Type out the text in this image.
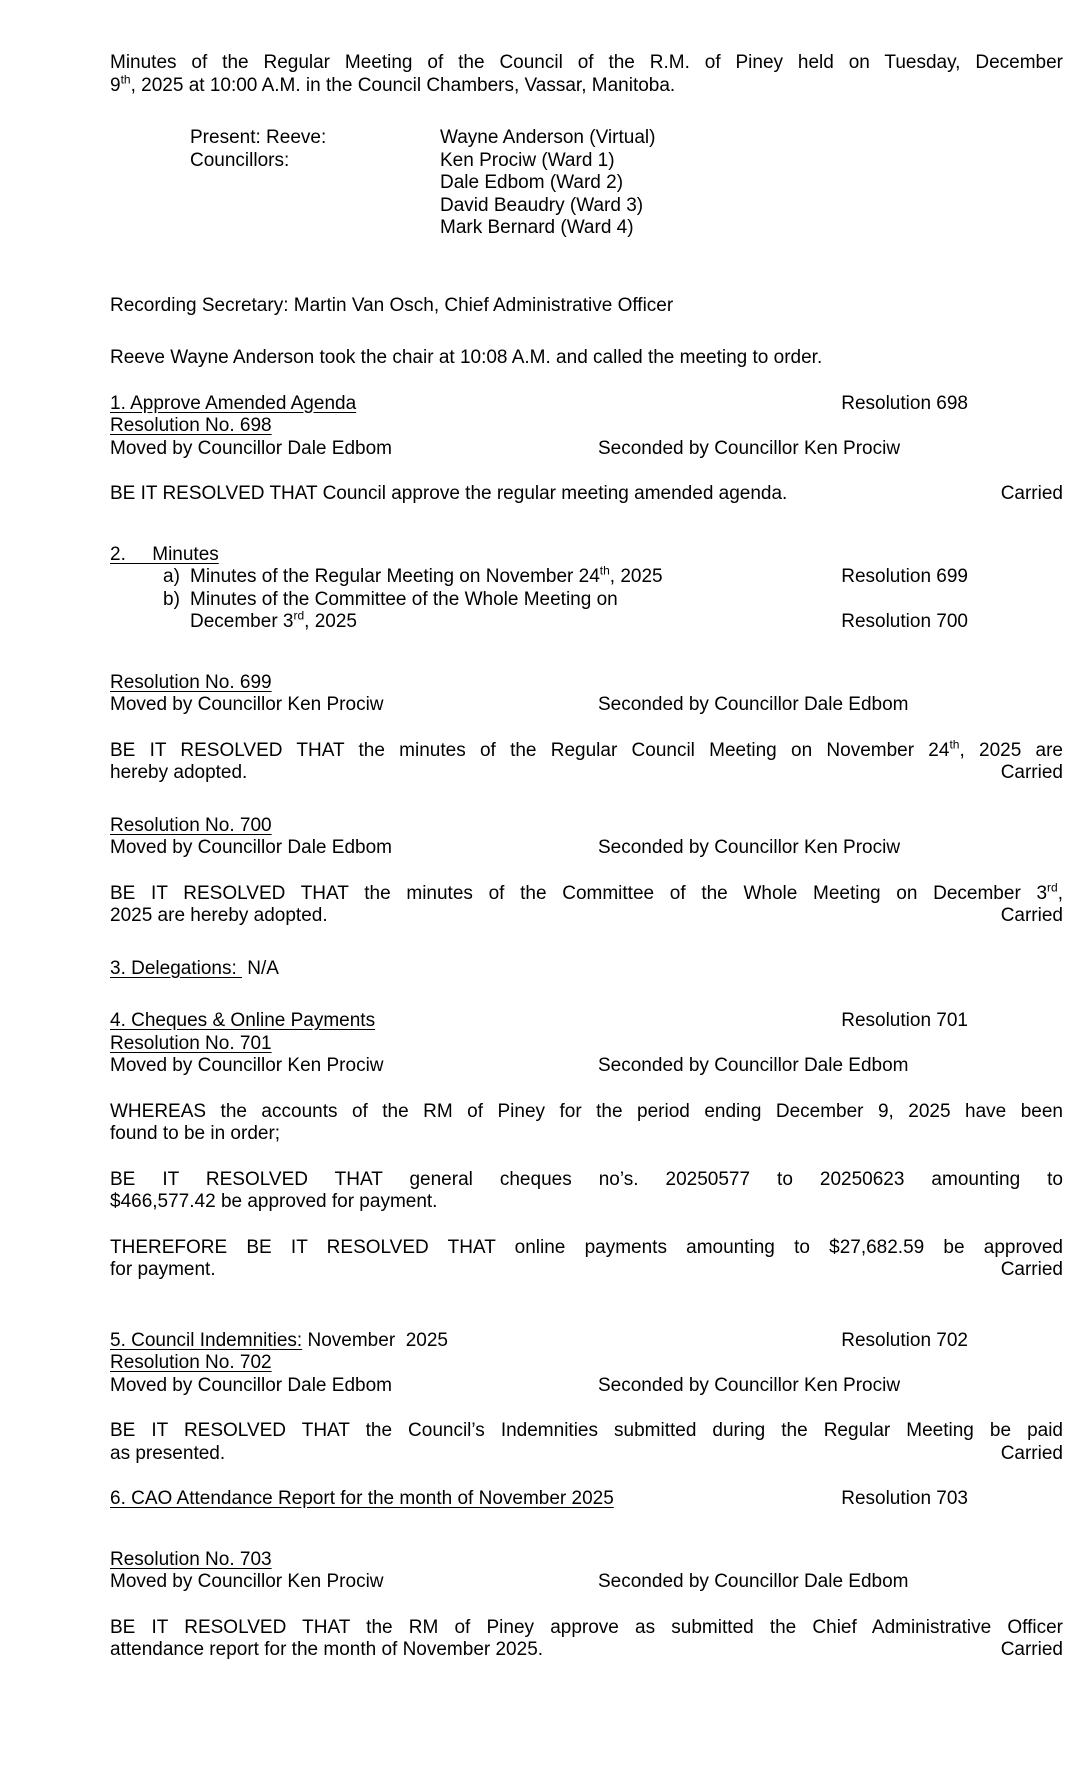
Minutes of the Regular Meeting of the Council of the R.M. of Piney held on Tuesday, December
9th, 2025 at 10:00 A.M. in the Council Chambers, Vassar, Manitoba.
Present: Reeve:	Wayne Anderson (Virtual)
Councillors:	Ken Prociw (Ward 1)
Dale Edbom (Ward 2)
David Beaudry (Ward 3)
Mark Bernard (Ward 4)
Recording Secretary: Martin Van Osch, Chief Administrative Officer
Reeve Wayne Anderson took the chair at 10:08 A.M. and called the meeting to order.
1. Approve Amended Agenda	Resolution 698
Resolution No. 698
Moved by Councillor Dale Edbom	Seconded by Councillor Ken Prociw
BE IT RESOLVED THAT Council approve the regular meeting amended agenda.	Carried
2.     Minutes
a) Minutes of the Regular Meeting on November 24th, 2025	Resolution 699
b) Minutes of the Committee of the Whole Meeting on
December 3rd, 2025	Resolution 700
Resolution No. 699
Moved by Councillor Ken Prociw	Seconded by Councillor Dale Edbom
BE IT RESOLVED THAT the minutes of the Regular Council Meeting on November 24th, 2025 are
hereby adopted.	Carried
Resolution No. 700
Moved by Councillor Dale Edbom	Seconded by Councillor Ken Prociw
BE IT RESOLVED THAT the minutes of the Committee of the Whole Meeting on December 3rd,
2025 are hereby adopted.	Carried
3. Delegations:  N/A
4. Cheques & Online Payments	Resolution 701
Resolution No. 701
Moved by Councillor Ken Prociw	Seconded by Councillor Dale Edbom
WHEREAS the accounts of the RM of Piney for the period ending December 9, 2025 have been
found to be in order;
BE IT RESOLVED THAT general cheques no’s. 20250577 to 20250623 amounting to
$466,577.42 be approved for payment.
THEREFORE BE IT RESOLVED THAT online payments amounting to $27,682.59 be approved
for payment.	Carried
5. Council Indemnities: November  2025	Resolution 702
Resolution No. 702
Moved by Councillor Dale Edbom	Seconded by Councillor Ken Prociw
BE IT RESOLVED THAT the Council’s Indemnities submitted during the Regular Meeting be paid
as presented.	Carried
6. CAO Attendance Report for the month of November 2025	Resolution 703
Resolution No. 703
Moved by Councillor Ken Prociw	Seconded by Councillor Dale Edbom
BE IT RESOLVED THAT the RM of Piney approve as submitted the Chief Administrative Officer
attendance report for the month of November 2025.	Carried
